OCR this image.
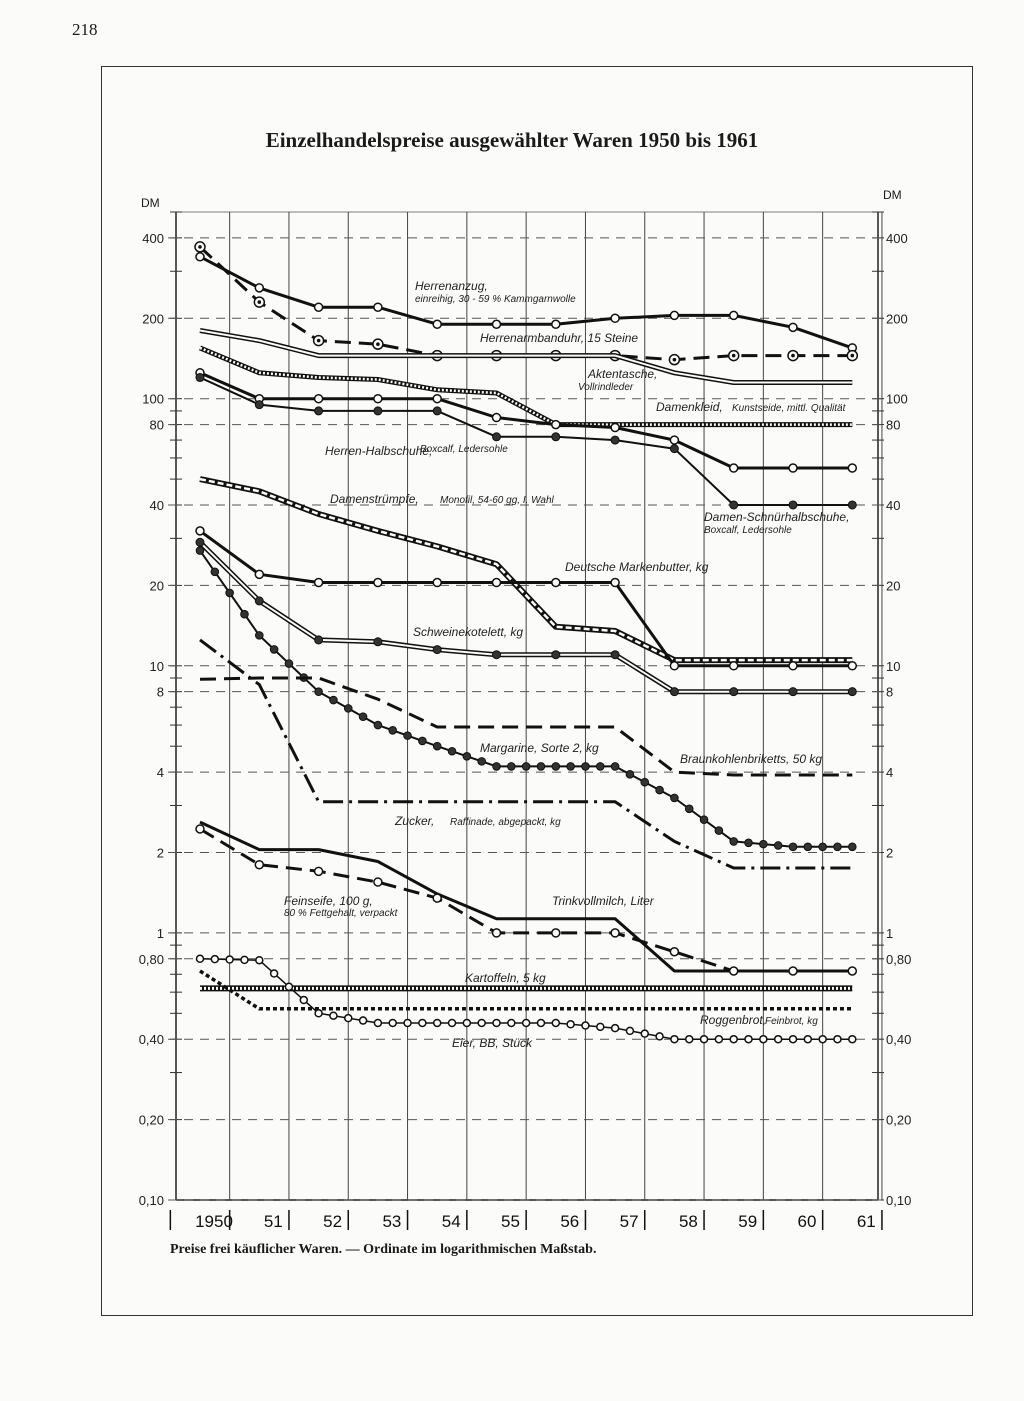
218
Einzelhandelspreise ausgewählter Waren 1950 bis 1961
DM
DM
Herrenanzug,
einreihig, 30 - 59 % Kammgarnwolle
Herrenarmbanduhr, 15 Steine
Aktentasche,
Vollrindleder
Damenkleid, Kunstseide, mittl. Qualität
Herren-Halbschuhe,
Boxcalf, Ledersohle
Damen-Schnürhalbschuhe,
Boxcalf, Ledersohle
Damenstrümpfe, Monofil, 54-60 gg, I. Wahl
Deutsche Markenbutter, kg
Schweinekotelett, kg
Margarine, Sorte 2, kg
Braunkohlenbriketts, 50 kg
Zucker, Raffinade, abgepackt, kg
Trinkvollmilch, Liter
Feinseife, 100 g,
80 % Fettgehalt, verpackt
Kartoffeln, 5 kg
Roggenbrot,
Feinbrot, kg
Eier, BB, Stück
400
200
100
80
40
20
10
8
4
2
1
0,80
0,40
0,20
0,10
400
200
100
80
40
20
10
8
4
2
1
0,80
0,40
0,20
0,10
1950 51 52 53 54 55 56 57 58 59 60 61
Preise frei käuflicher Waren. — Ordinate im logarithmischen Maßstab.
